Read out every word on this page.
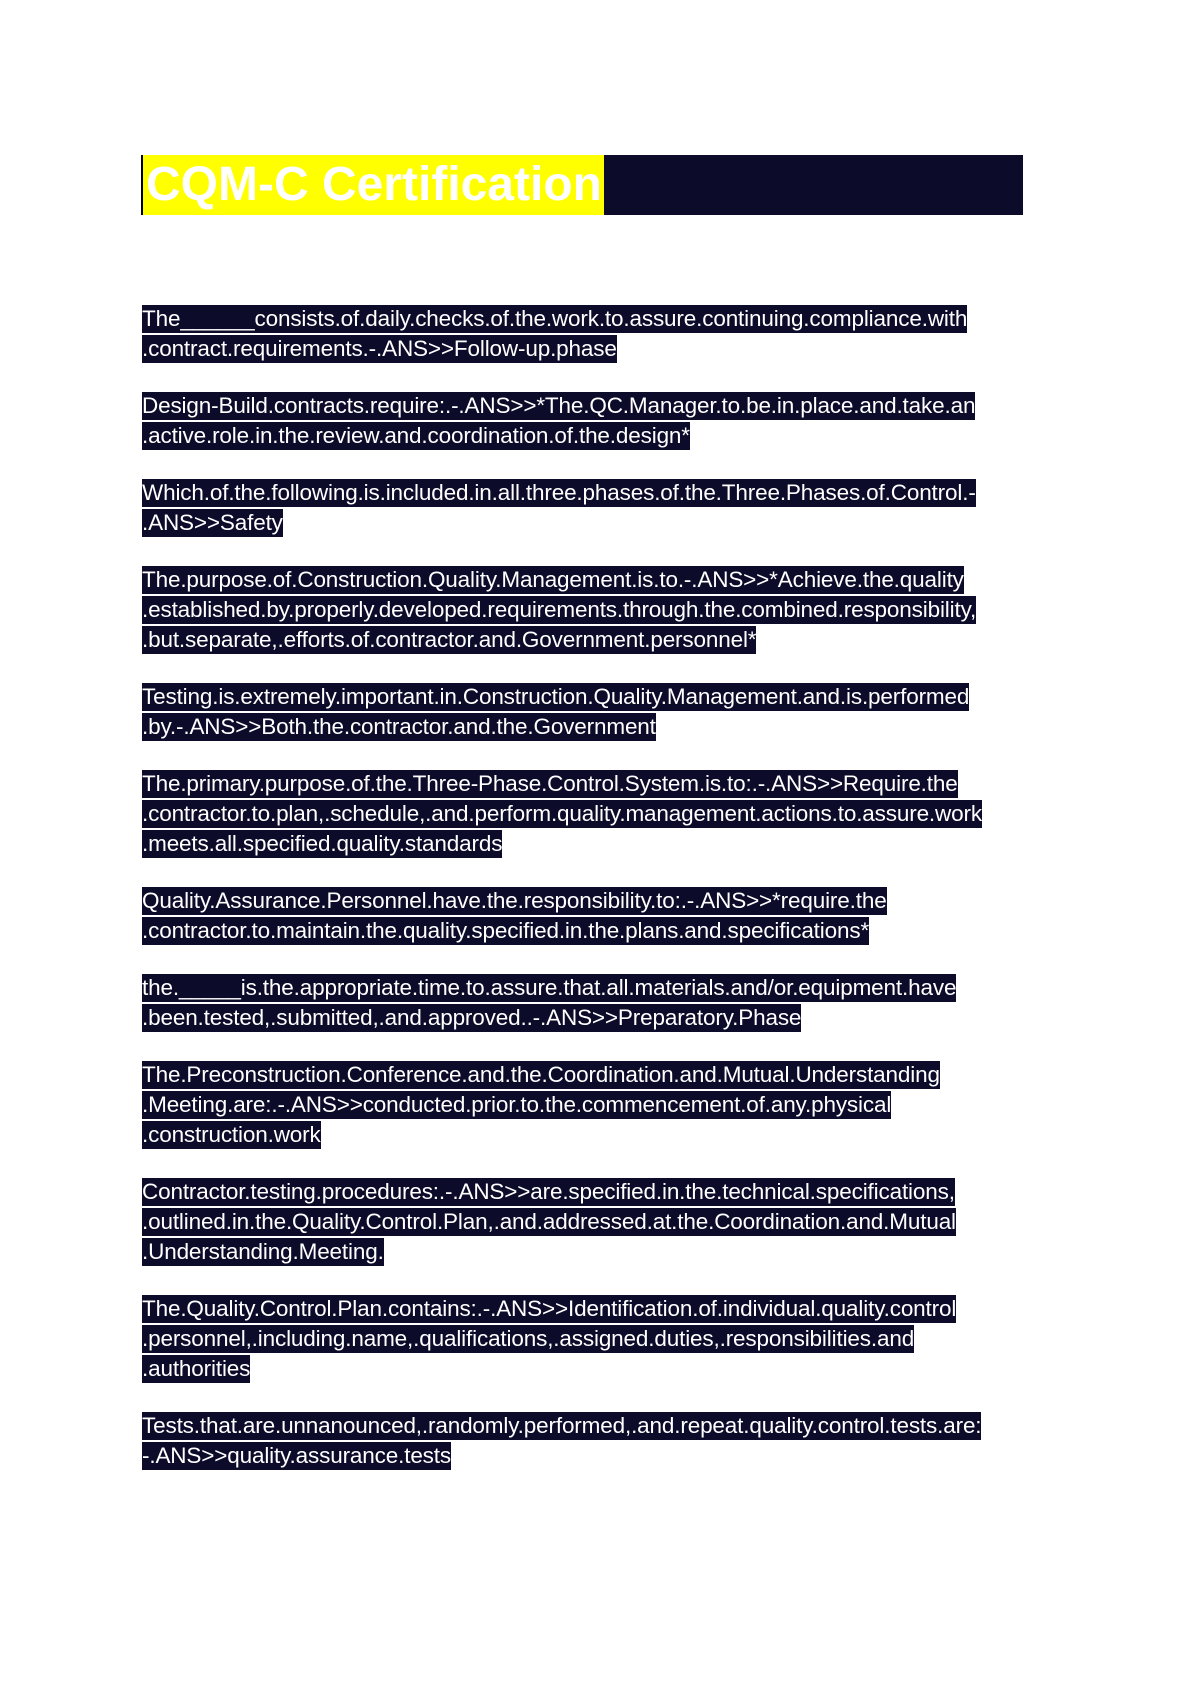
CQM-C Certification

The______consists.of.daily.checks.of.the.work.to.assure.continuing.compliance.with
.contract.requirements.-.ANS>>Follow-up.phase

Design-Build.contracts.require:.-.ANS>>*The.QC.Manager.to.be.in.place.and.take.an
.active.role.in.the.review.and.coordination.of.the.design*

Which.of.the.following.is.included.in.all.three.phases.of.the.Three.Phases.of.Control.-
.ANS>>Safety

The.purpose.of.Construction.Quality.Management.is.to.-.ANS>>*Achieve.the.quality
.established.by.properly.developed.requirements.through.the.combined.responsibility,
.but.separate,.efforts.of.contractor.and.Government.personnel*

Testing.is.extremely.important.in.Construction.Quality.Management.and.is.performed
.by.-.ANS>>Both.the.contractor.and.the.Government

The.primary.purpose.of.the.Three-Phase.Control.System.is.to:.-.ANS>>Require.the
.contractor.to.plan,.schedule,.and.perform.quality.management.actions.to.assure.work
.meets.all.specified.quality.standards

Quality.Assurance.Personnel.have.the.responsibility.to:.-.ANS>>*require.the
.contractor.to.maintain.the.quality.specified.in.the.plans.and.specifications*

the._____is.the.appropriate.time.to.assure.that.all.materials.and/or.equipment.have
.been.tested,.submitted,.and.approved..-.ANS>>Preparatory.Phase

The.Preconstruction.Conference.and.the.Coordination.and.Mutual.Understanding
.Meeting.are:.-.ANS>>conducted.prior.to.the.commencement.of.any.physical
.construction.work

Contractor.testing.procedures:.-.ANS>>are.specified.in.the.technical.specifications,
.outlined.in.the.Quality.Control.Plan,.and.addressed.at.the.Coordination.and.Mutual
.Understanding.Meeting.

The.Quality.Control.Plan.contains:.-.ANS>>Identification.of.individual.quality.control
.personnel,.including.name,.qualifications,.assigned.duties,.responsibilities.and
.authorities

Tests.that.are.unnanounced,.randomly.performed,.and.repeat.quality.control.tests.are:
-.ANS>>quality.assurance.tests
